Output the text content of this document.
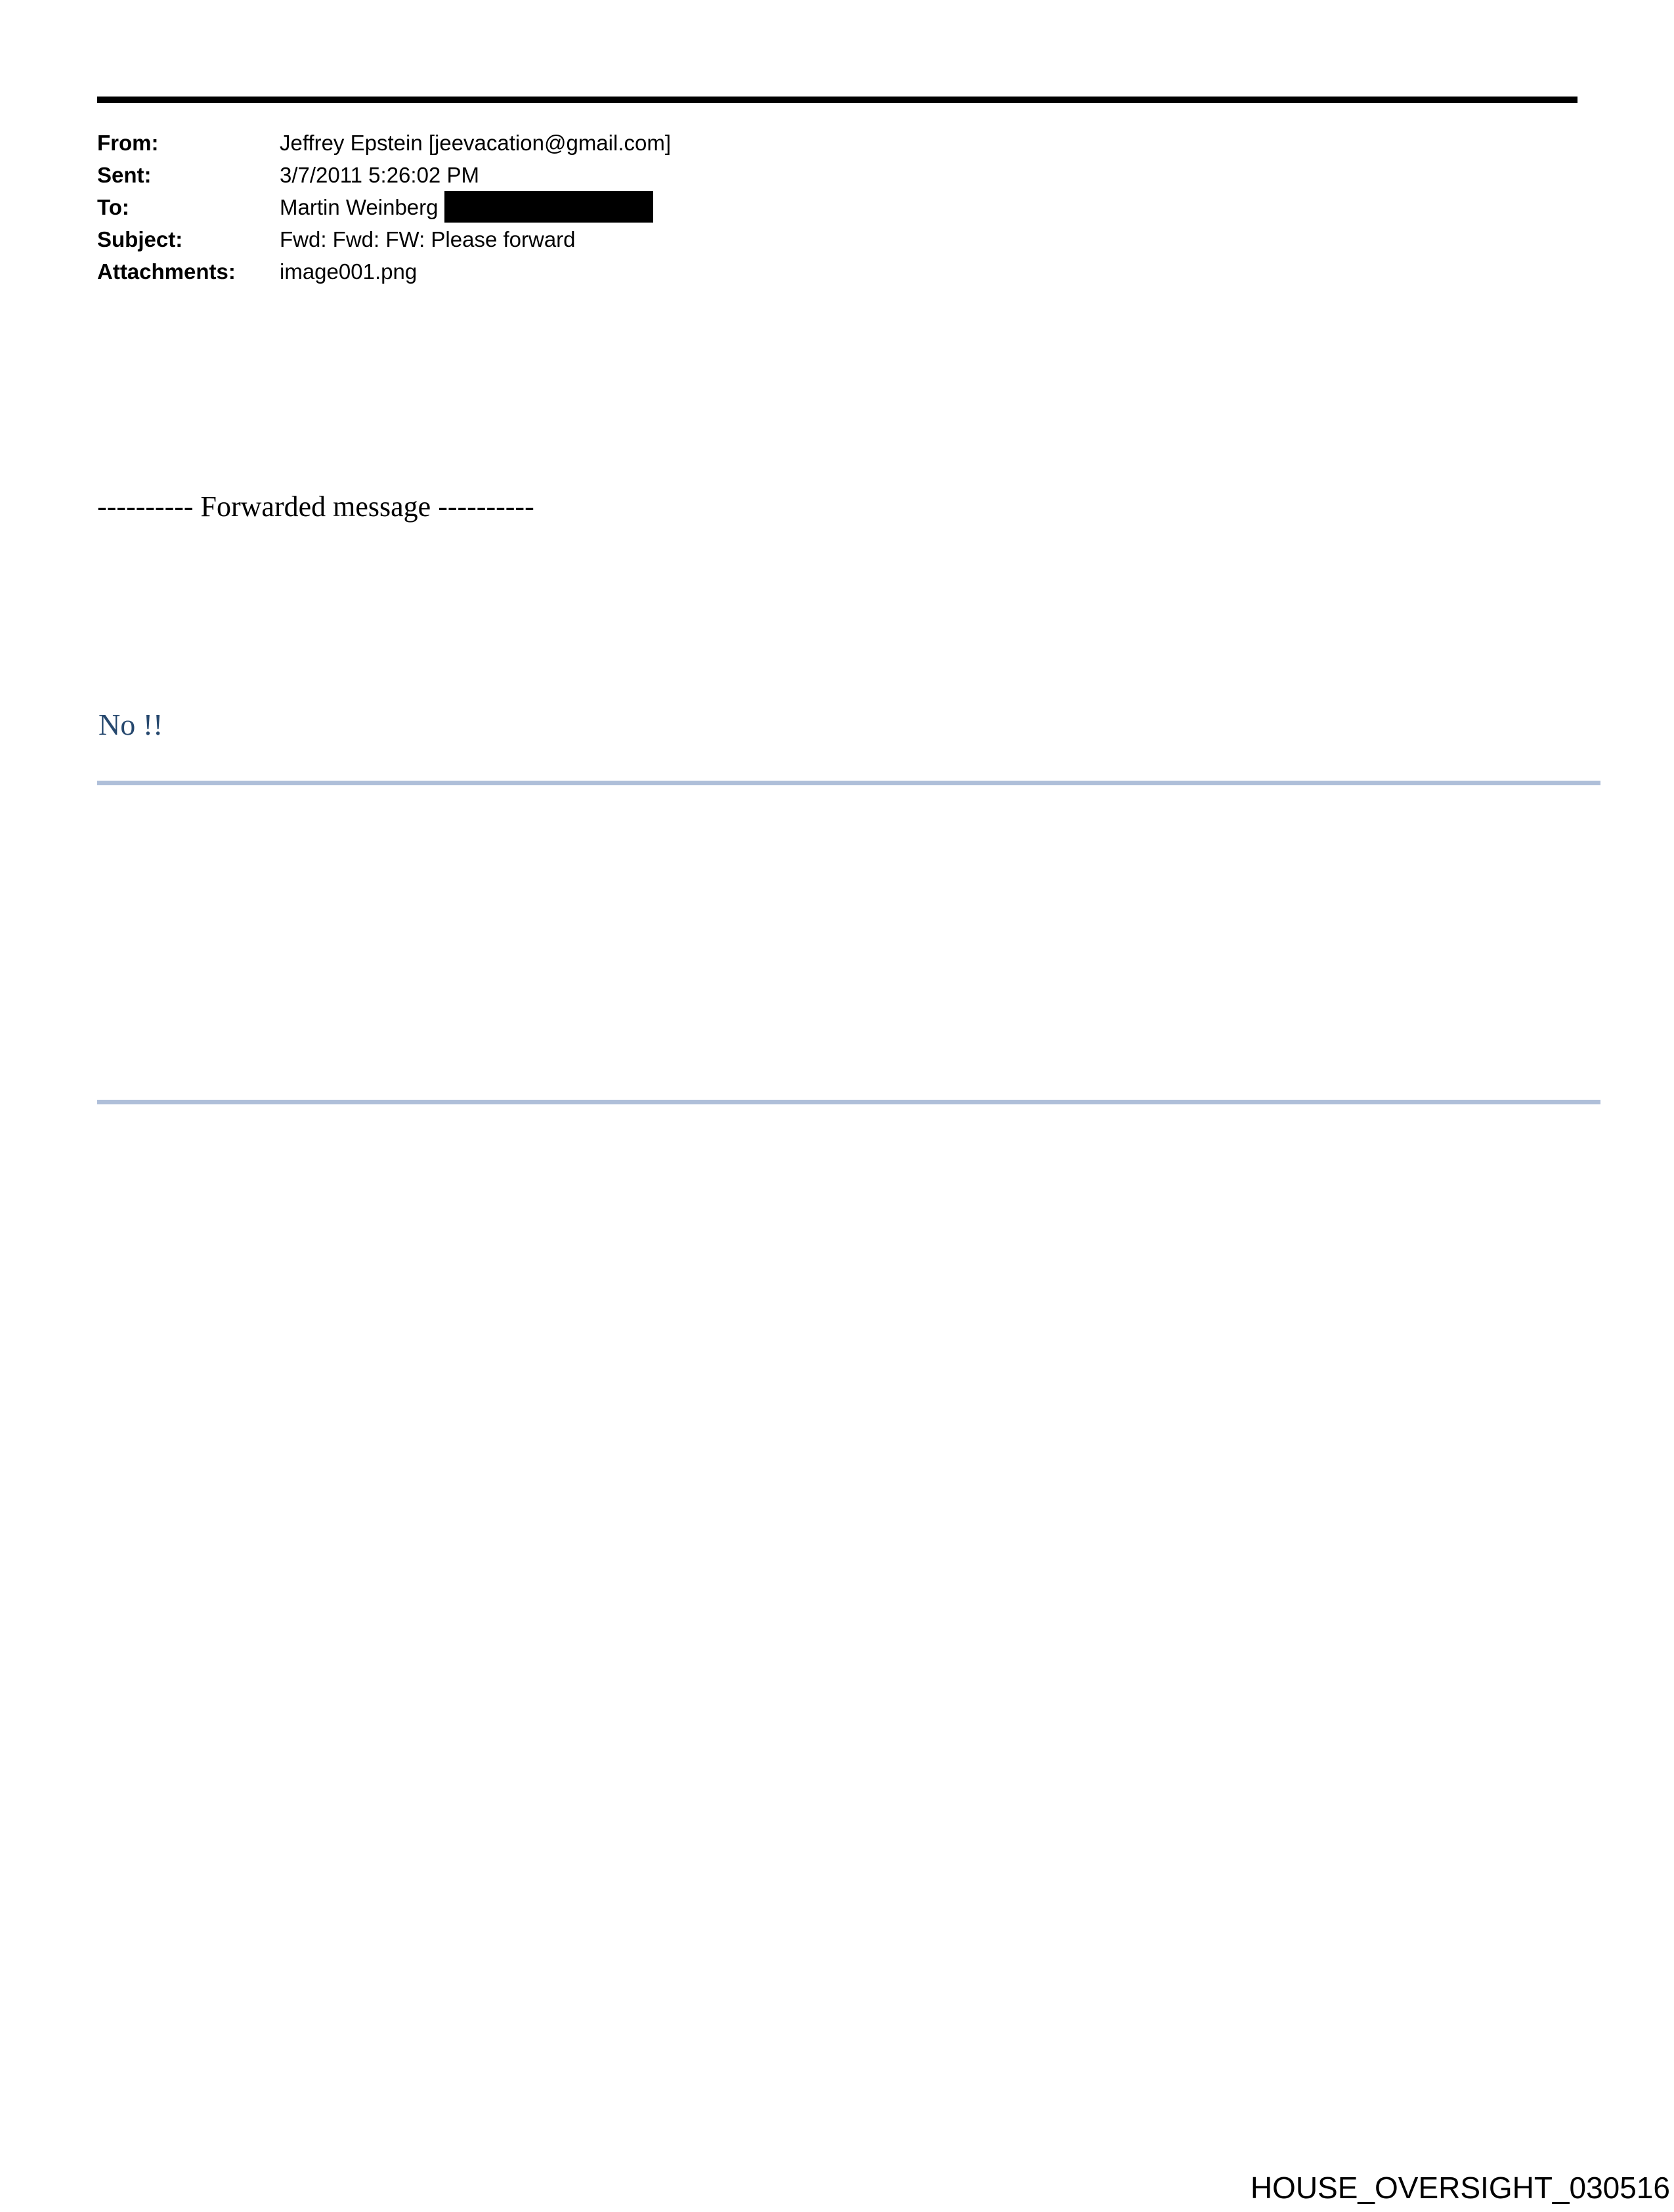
From:	Jeffrey Epstein [jeevacation@gmail.com]
Sent:	3/7/2011 5:26:02 PM
To:	Martin Weinberg
Subject:	Fwd: Fwd: FW: Please forward
Attachments: image001.png
---------- Forwarded message ----------
No !!

HOUSE_OVERSIGHT_030516
